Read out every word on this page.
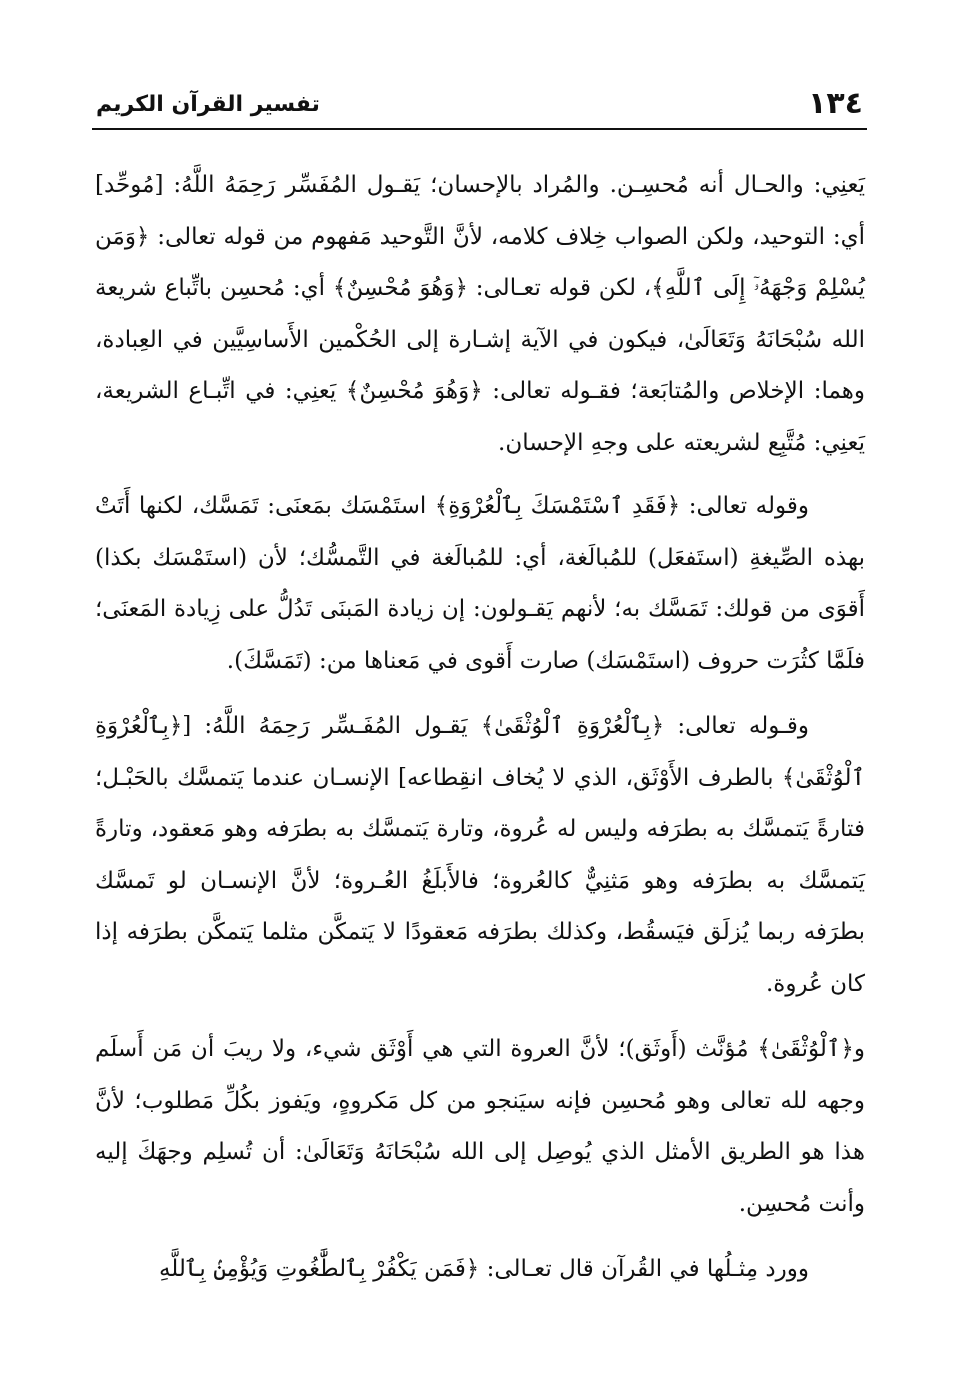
١٣٤
تفسير القرآن الكريم

يَعنِي: والحـال أنه مُحسِـن. والمُراد بالإحسان؛ يَقـول المُفَسِّر رَحِمَهُ اللَّهُ: [مُوحِّد] أي: التوحيد، ولكن الصواب خِلاف كلامه، لأنَّ التَّوحيد مَفهوم من قوله تعالى: ﴿وَمَن يُسْلِمْ وَجْهَهُۥٓ إِلَى ٱللَّهِ﴾، لكن قوله تعـالى: ﴿وَهُوَ مُحْسِنٌ﴾ أي: مُحسِن باتِّباع شريعة الله سُبْحَانَهُ وَتَعَالَىٰ، فيكون في الآية إشـارة إلى الحُكْمين الأَساسِيَّين في العِبادة، وهما: الإخلاص والمُتابَعة؛ فقـوله تعالى: ﴿وَهُوَ مُحْسِنٌ﴾ يَعنِي: في اتِّبـاع الشريعة، يَعنِي: مُتَّبِع لشريعته على وجهِ الإحسان.

وقوله تعالى: ﴿فَقَدِ ٱسْتَمْسَكَ بِٱلْعُرْوَةِ﴾ استَمْسَك بمَعنَى: تَمَسَّك، لكنها أَتَتْ بهذه الصِّيغةِ (استَفعَل) للمُبالَغة، أي: للمُبالَغة في التَّمسُّك؛ لأن (استَمْسَك بكذا) أَقوَى من قولك: تَمَسَّك به؛ لأنهم يَقـولون: إن زيادة المَبنَى تَدُلُّ على زِيادة المَعنَى؛ فلَمَّا كثُرَت حروف (استَمْسَك) صارت أَقوى في مَعناها من: (تَمَسَّكَ).

وقـوله تعالى: ﴿بِٱلْعُرْوَةِ ٱلْوُثْقَىٰ﴾ يَقـول المُفَـسِّر رَحِمَهُ اللَّهُ: [﴿بِٱلْعُرْوَةِ ٱلْوُثْقَىٰ﴾ بالطرف الأَوْثَق، الذي لا يُخاف انقِطاعه] الإنسـان عندما يَتمسَّك بالحَبْـل؛ فتارةً يَتمسَّك به بطرَفه وليس له عُروة، وتارة يَتمسَّك به بطرَفه وهو مَعقود، وتارةً يَتمسَّك به بطرَفه وهو مَثنِيٌّ كالعُروة؛ فالأَبلَغُ العُـروة؛ لأنَّ الإنسـان لو تَمسَّك بطرَفه ربما يُزلَق فيَسقُط، وكذلك بطرَفه مَعقودًا لا يَتمكَّن مثلما يَتمكَّن بطرَفه إذا كان عُروة.

و﴿ٱلْوُثْقَىٰ﴾ مُؤنَّث (أَوثَق)؛ لأنَّ العروة التي هي أَوْثَق شيء، ولا ريبَ أن مَن أَسلَم وجهه لله تعالى وهو مُحسِن فإنه سيَنجو من كل مَكروهٍ، ويَفوز بكُلِّ مَطلوب؛ لأنَّ هذا هو الطريق الأمثل الذي يُوصِل إلى الله سُبْحَانَهُ وَتَعَالَىٰ: أن تُسلِم وجهَكَ إليه وأنت مُحسِن.

وورد مِثـلُها في القُرآن قال تعـالى: ﴿فَمَن يَكْفُرْ بِٱلطَّٰغُوتِ وَيُؤْمِنۢ بِٱللَّهِ
